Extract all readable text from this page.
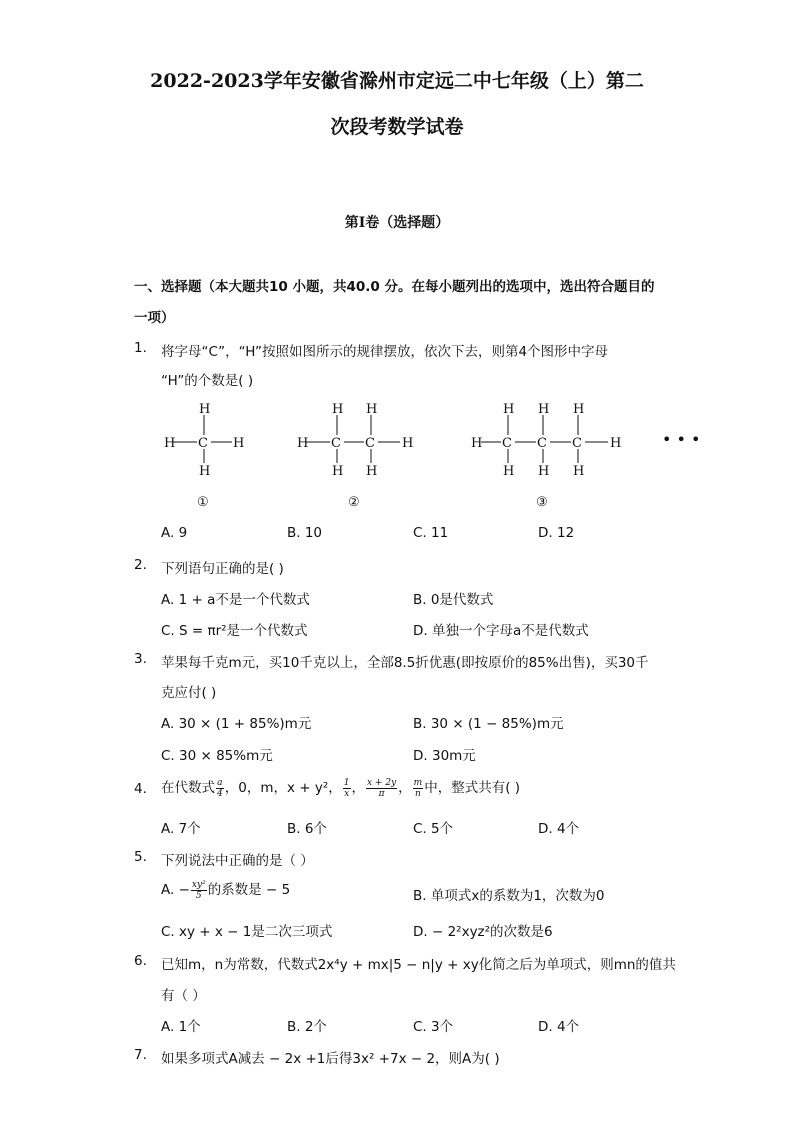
2022-2023学年安徽省滁州市定远二中七年级（上）第二
次段考数学试卷
第I卷（选择题）
一、选择题（本大题共10 小题，共40.0 分。在每小题列出的选项中，选出符合题目的
一项）
1. 将字母“C”，“H”按照如图所示的规律摆放，依次下去，则第4个图形中字母
“H”的个数是( )
H
H C H
H
H H
H C C H
H H
H H H
H C C C H
H H H
①	②	③
• • •
A. 9	B. 10	C. 11	D. 12
2. 下列语句正确的是( )
A. 1 + a不是一个代数式	B. 0是代数式
C. S = πr²是一个代数式	D. 单独一个字母a不是代数式
3. 苹果每千克m元，买10千克以上，全部8.5折优惠(即按原价的85%出售)，买30千
克应付( )
A. 30 × (1 + 85%)m元	B. 30 × (1 − 85%)m元
C. 30 × 85%m元	D. 30m元
4. 在代数式 $\frac{a}{4}$ ，0，m，x + y²， $\frac{1}{x}$ ， $\frac{x + 2y}{\pi}$ ， $\frac{m}{n}$ 中，整式共有( )
A. 7个	B. 6个	C. 5个	D. 4个
5. 下列说法中正确的是（ ）
A. − $\frac{\text{xy²}}{5}$ 的系数是 − 5	B. 单项式x的系数为1，次数为0
C. xy + x − 1是二次三项式	D. − 2²xyz²的次数是6
6. 已知m，n为常数，代数式2x⁴y + mx|5 − n|y + xy化简之后为单项式，则mn的值共
有（ ）
A. 1个	B. 2个	C. 3个	D. 4个
7. 如果多项式A减去 − 2x +1后得3x² +7x − 2，则A为( )
